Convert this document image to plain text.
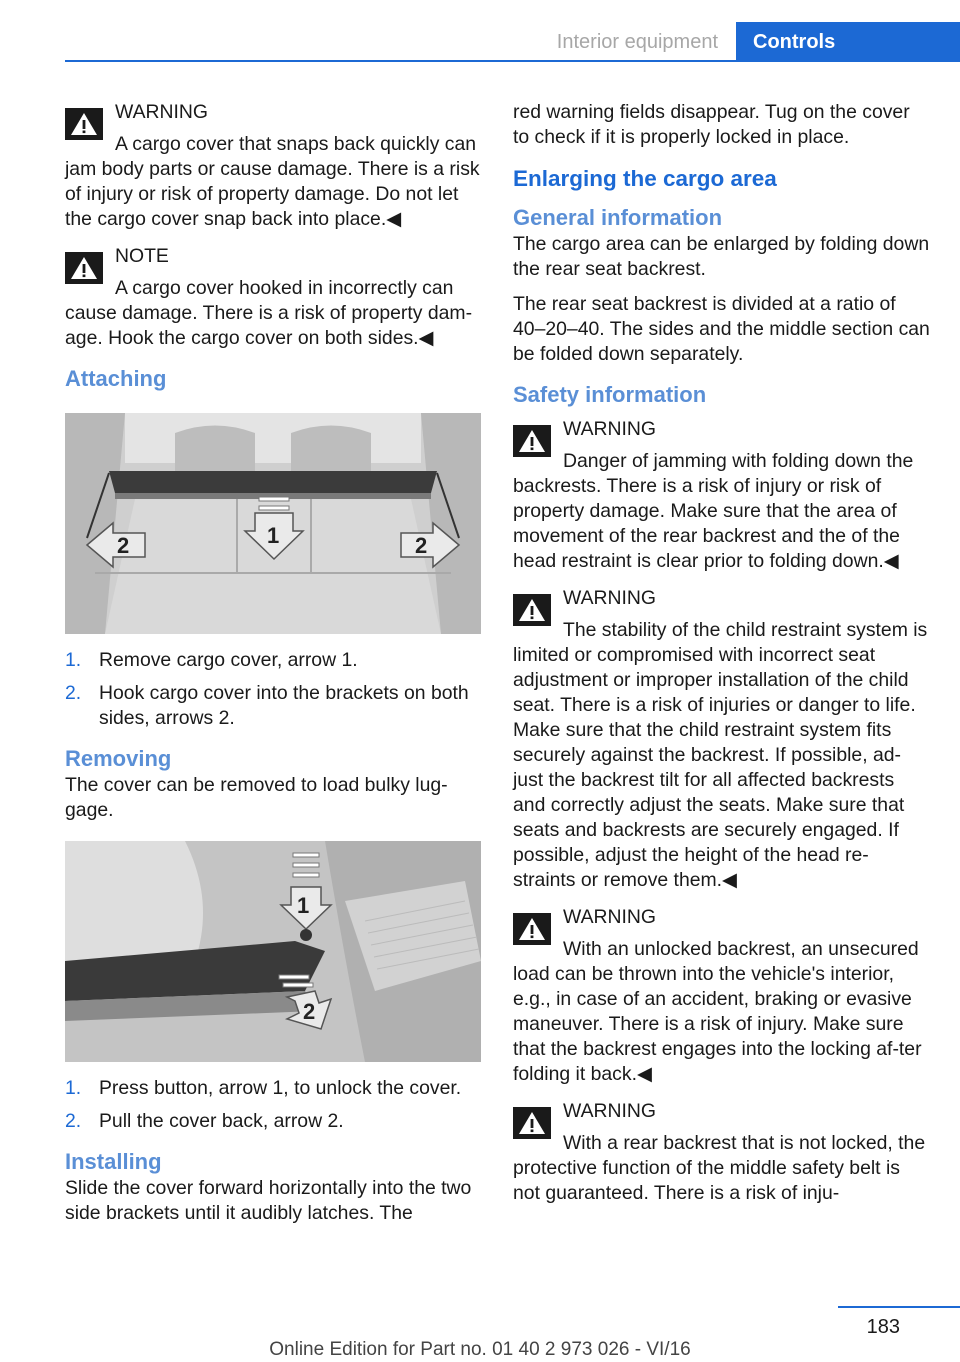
Interior equipment	Controls
WARNING
A cargo cover that snaps back quickly can jam body parts or cause damage. There is a risk of injury or risk of property damage. Do not let the cargo cover snap back into place.◀
NOTE
A cargo cover hooked in incorrectly can cause damage. There is a risk of property dam‐age. Hook the cargo cover on both sides.◀
Attaching
2	1	2
1. Remove cargo cover, arrow 1.
2. Hook cargo cover into the brackets on both sides, arrows 2.
Removing

The cover can be removed to load bulky lug‐gage.

1
2
1. Press button, arrow 1, to unlock the cover.
2. Pull the cover back, arrow 2.
Installing

Slide the cover forward horizontally into the two side brackets until it audibly latches. The

red warning fields disappear. Tug on the cover to check if it is properly locked in place.

Enlarging the cargo area
General information

The cargo area can be enlarged by folding down the rear seat backrest.

The rear seat backrest is divided at a ratio of 40–20–40. The sides and the middle section can be folded down separately.

Safety information
WARNING
Danger of jamming with folding down the backrests. There is a risk of injury or risk of property damage. Make sure that the area of movement of the rear backrest and the of the head restraint is clear prior to folding down.◀
WARNING
The stability of the child restraint system is limited or compromised with incorrect seat adjustment or improper installation of the child seat. There is a risk of injuries or danger to life. Make sure that the child restraint system fits securely against the backrest. If possible, ad‐just the backrest tilt for all affected backrests and correctly adjust the seats. Make sure that seats and backrests are securely engaged. If possible, adjust the height of the head re‐straints or remove them.◀
WARNING
With an unlocked backrest, an unsecured load can be thrown into the vehicle's interior, e.g., in case of an accident, braking or evasive maneuver. There is a risk of injury. Make sure that the backrest engages into the locking af‐ter folding it back.◀
WARNING
With a rear backrest that is not locked, the protective function of the middle safety belt is not guaranteed. There is a risk of inju‐
183
Online Edition for Part no. 01 40 2 973 026 - VI/16
